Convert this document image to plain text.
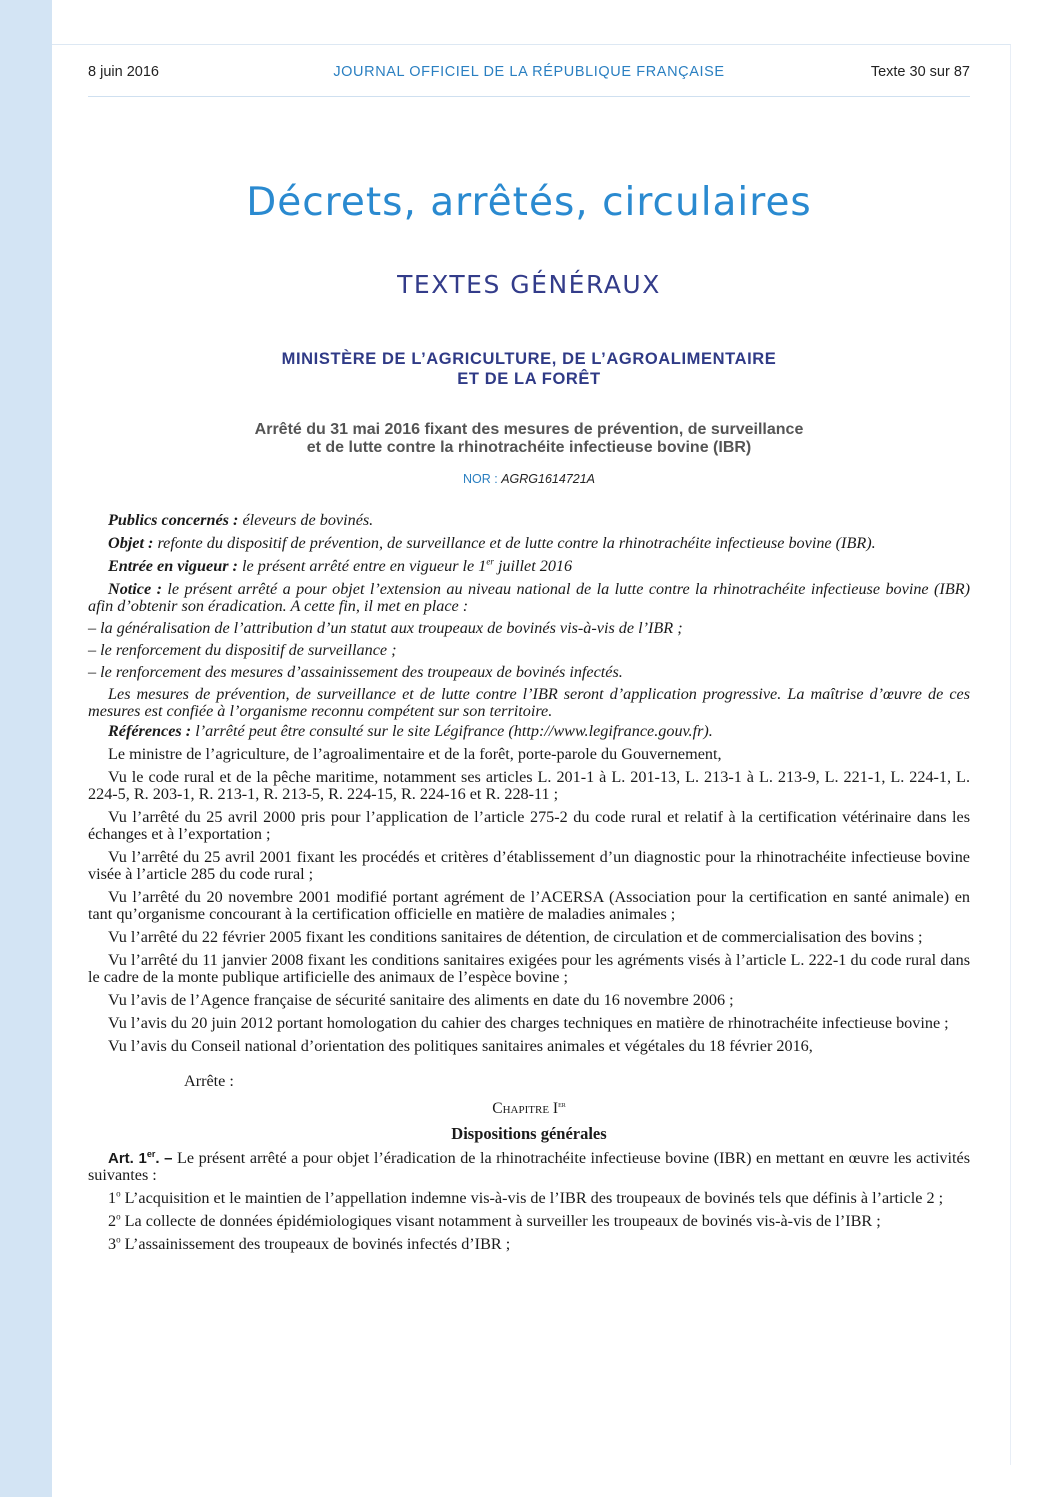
8 juin 2016	JOURNAL OFFICIEL DE LA RÉPUBLIQUE FRANÇAISE	Texte 30 sur 87
Décrets, arrêtés, circulaires
TEXTES GÉNÉRAUX
MINISTÈRE DE L’AGRICULTURE, DE L’AGROALIMENTAIRE
ET DE LA FORÊT
Arrêté du 31 mai 2016 fixant des mesures de prévention, de surveillance
et de lutte contre la rhinotrachéite infectieuse bovine (IBR)
NOR : AGRG1614721A

Publics concernés : éleveurs de bovinés.

Objet : refonte du dispositif de prévention, de surveillance et de lutte contre la rhinotrachéite infectieuse bovine (IBR).

Entrée en vigueur : le présent arrêté entre en vigueur le 1er juillet 2016

Notice : le présent arrêté a pour objet l’extension au niveau national de la lutte contre la rhinotrachéite infectieuse bovine (IBR) afin d’obtenir son éradication. A cette fin, il met en place :

– la généralisation de l’attribution d’un statut aux troupeaux de bovinés vis-à-vis de l’IBR ;

– le renforcement du dispositif de surveillance ;

– le renforcement des mesures d’assainissement des troupeaux de bovinés infectés.

Les mesures de prévention, de surveillance et de lutte contre l’IBR seront d’application progressive. La maîtrise d’œuvre de ces mesures est confiée à l’organisme reconnu compétent sur son territoire.

Références : l’arrêté peut être consulté sur le site Légifrance (http://www.legifrance.gouv.fr).

Le ministre de l’agriculture, de l’agroalimentaire et de la forêt, porte-parole du Gouvernement,

Vu le code rural et de la pêche maritime, notamment ses articles L. 201-1 à L. 201-13, L. 213-1 à L. 213-9, L. 221-1, L. 224-1, L. 224-5, R. 203-1, R. 213-1, R. 213-5, R. 224-15, R. 224-16 et R. 228-11 ;

Vu l’arrêté du 25 avril 2000 pris pour l’application de l’article 275-2 du code rural et relatif à la certification vétérinaire dans les échanges et à l’exportation ;

Vu l’arrêté du 25 avril 2001 fixant les procédés et critères d’établissement d’un diagnostic pour la rhinotrachéite infectieuse bovine visée à l’article 285 du code rural ;

Vu l’arrêté du 20 novembre 2001 modifié portant agrément de l’ACERSA (Association pour la certification en santé animale) en tant qu’organisme concourant à la certification officielle en matière de maladies animales ;

Vu l’arrêté du 22 février 2005 fixant les conditions sanitaires de détention, de circulation et de commercialisation des bovins ;

Vu l’arrêté du 11 janvier 2008 fixant les conditions sanitaires exigées pour les agréments visés à l’article L. 222-1 du code rural dans le cadre de la monte publique artificielle des animaux de l’espèce bovine ;

Vu l’avis de l’Agence française de sécurité sanitaire des aliments en date du 16 novembre 2006 ;

Vu l’avis du 20 juin 2012 portant homologation du cahier des charges techniques en matière de rhinotrachéite infectieuse bovine ;

Vu l’avis du Conseil national d’orientation des politiques sanitaires animales et végétales du 18 février 2016,

Arrête :

Chapitre Ier

Dispositions générales

Art. 1er. – Le présent arrêté a pour objet l’éradication de la rhinotrachéite infectieuse bovine (IBR) en mettant en œuvre les activités suivantes :

1$^o$ L’acquisition et le maintien de l’appellation indemne vis-à-vis de l’IBR des troupeaux de bovinés tels que définis à l’article 2 ;

2$^o$ La collecte de données épidémiologiques visant notamment à surveiller les troupeaux de bovinés vis-à-vis de l’IBR ;

3$^o$ L’assainissement des troupeaux de bovinés infectés d’IBR ;
